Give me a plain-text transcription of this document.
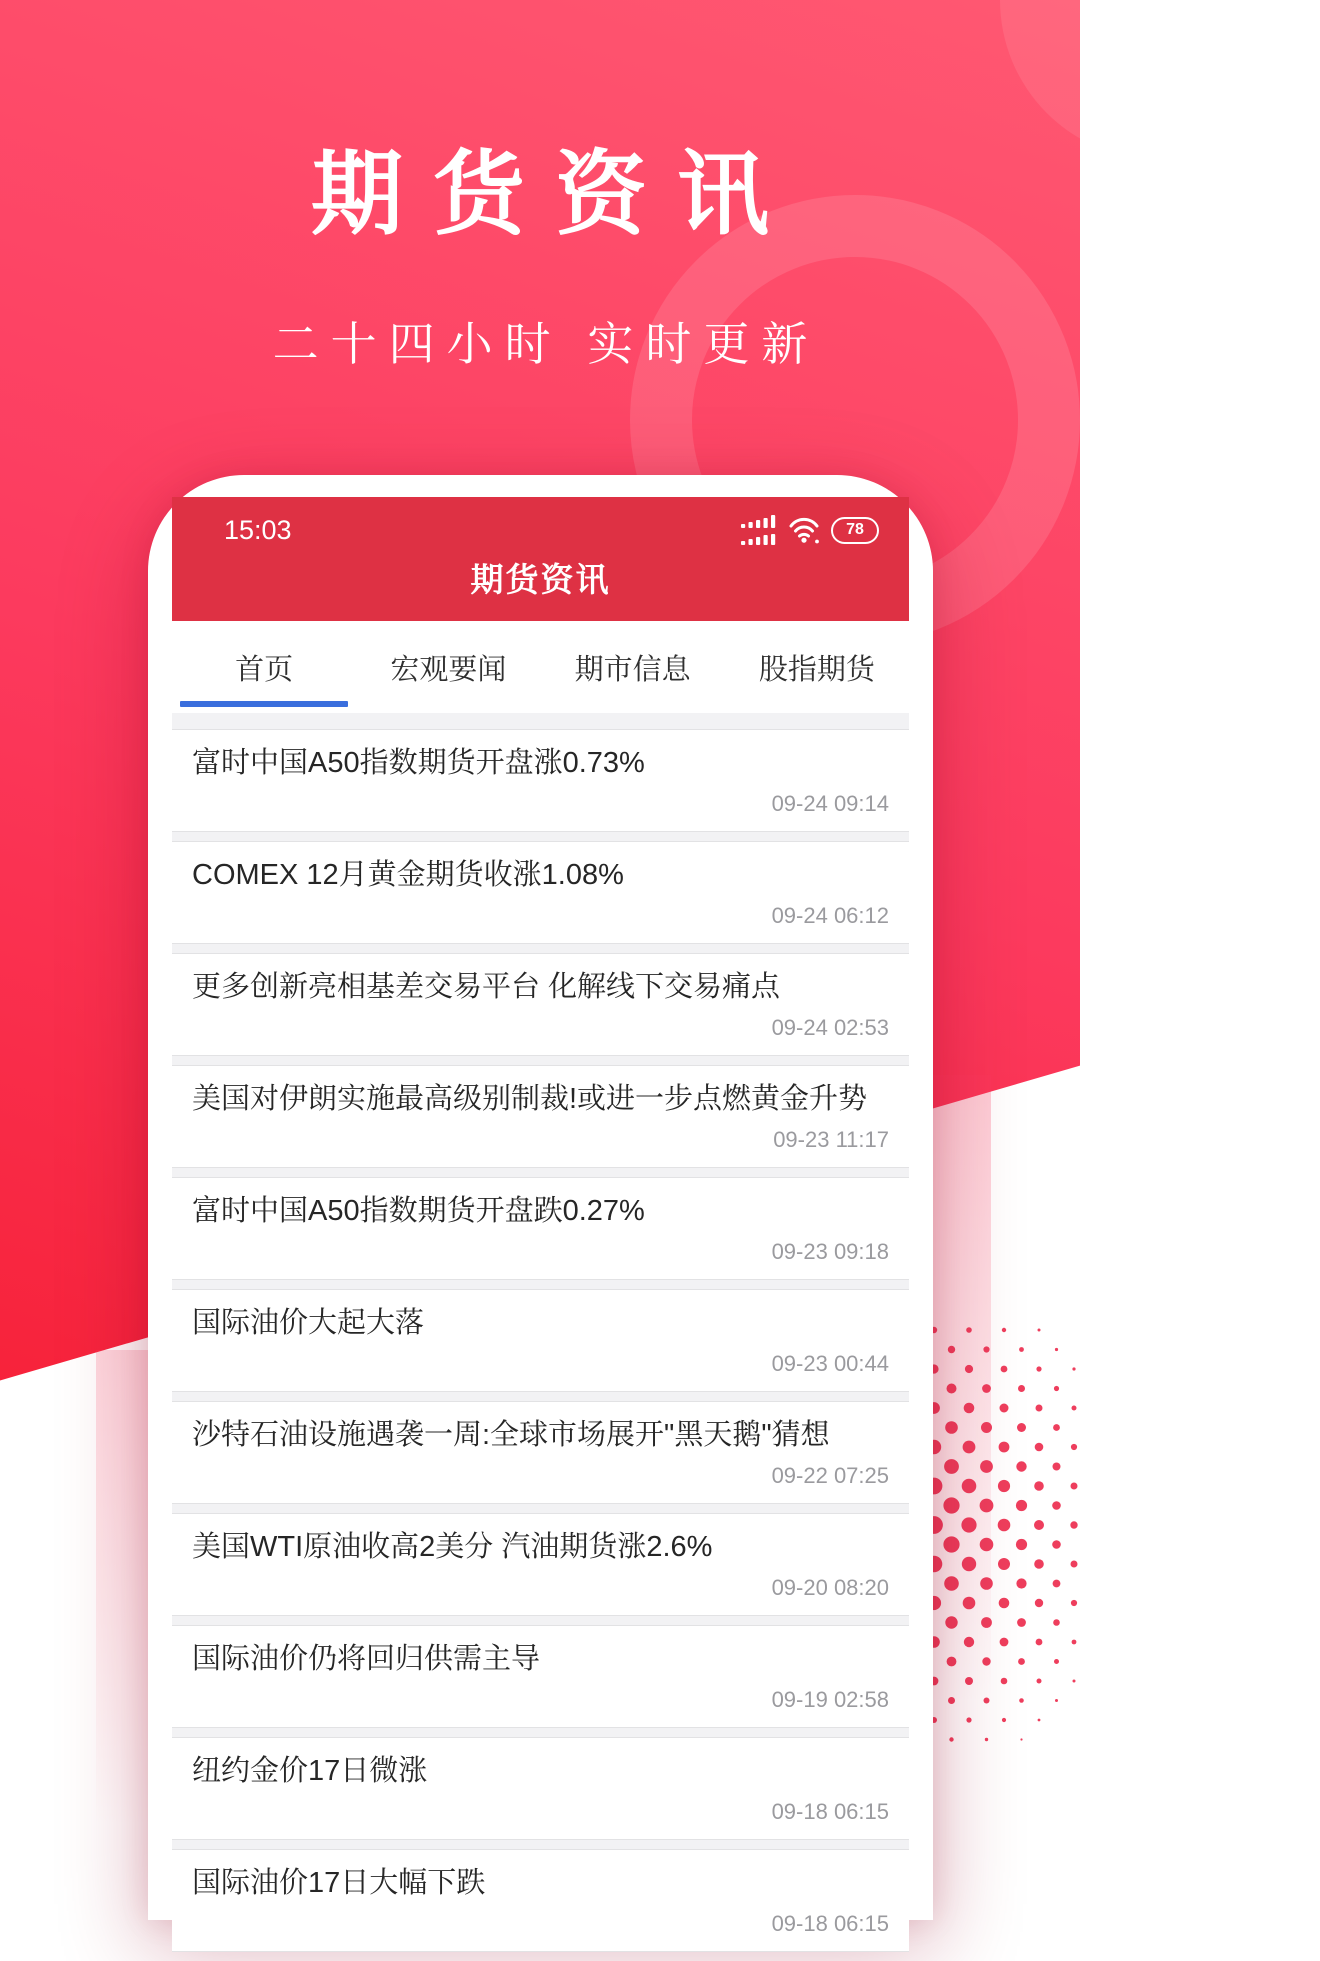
期货资讯
二十四小时 实时更新
15:03	78
期货资讯
首页	宏观要闻	期市信息	股指期货
富时中国A50指数期货开盘涨0.73%
09-24 09:14
COMEX 12月黄金期货收涨1.08%
09-24 06:12
更多创新亮相基差交易平台 化解线下交易痛点
09-24 02:53
美国对伊朗实施最高级别制裁!或进一步点燃黄金升势
09-23 11:17
富时中国A50指数期货开盘跌0.27%
09-23 09:18
国际油价大起大落
09-23 00:44
沙特石油设施遇袭一周:全球市场展开"黑天鹅"猜想
09-22 07:25
美国WTI原油收高2美分 汽油期货涨2.6%
09-20 08:20
国际油价仍将回归供需主导
09-19 02:58
纽约金价17日微涨
09-18 06:15
国际油价17日大幅下跌
09-18 06:15
